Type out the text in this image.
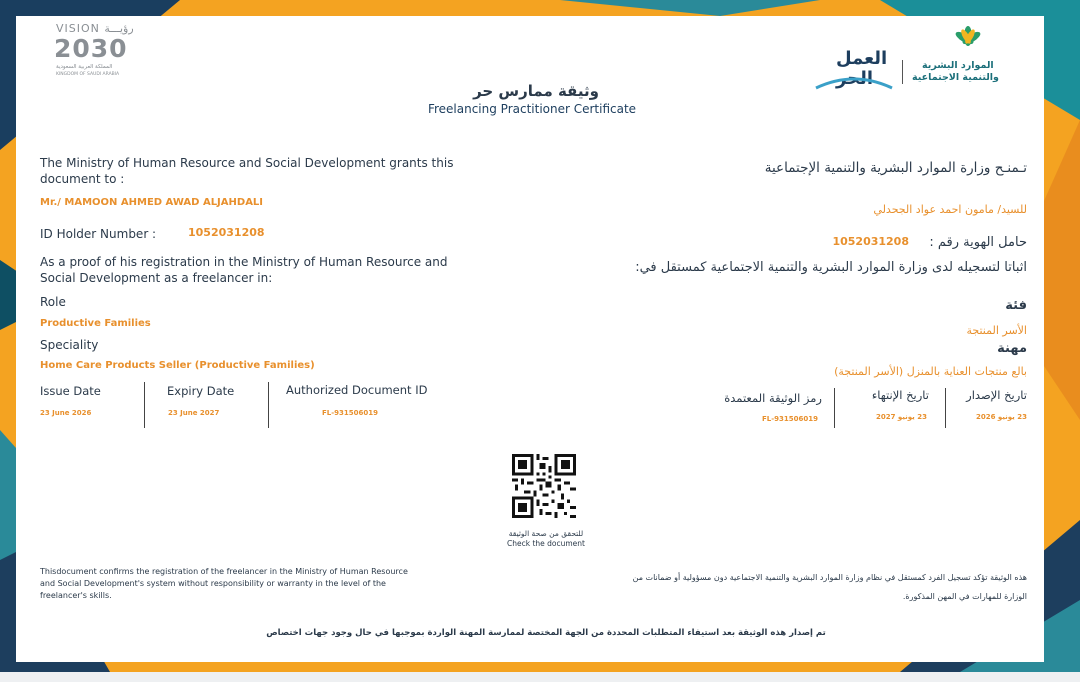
VISION رؤيـــة
2030
المملكة العربية السعودية
KINGDOM OF SAUDI ARABIA
الموارد البشرية
والتنمية الاجتماعية
العمل
الحر
وثيقة ممارس حر
Freelancing Practitioner Certificate
The Ministry of Human Resource and Social Development grants this
document to :
Mr./ MAMOON AHMED AWAD ALJAHDALI
ID Holder Number :	1052031208
As a proof of his registration in the Ministry of Human Resource and
Social Development as a freelancer in:
Role
Productive Families
Speciality
Home Care Products Seller (Productive Families)
Issue Date
23 June 2026
Expiry Date
23 June 2027
Authorized Document ID
FL-931506019
تـمنـح وزارة الموارد البشرية والتنمية الإجتماعية
للسيد/ مامون احمد عواد الجحدلي
حامل الهوية رقم :
1052031208
اثباتا لتسجيله لدى وزارة الموارد البشرية والتنمية الاجتماعية كمستقل في:
فئة
الأسر المنتجة
مهنة
بالع منتجات العناية بالمنزل (الأسر المنتجة)
تاريخ الإصدار
23 يونيو 2026
تاريخ الإنتهاء
23 يونيو 2027
رمز الوثيقة المعتمدة
FL-931506019
للتحقق من صحة الوثيقة
Check the document
Thisdocument confirms the registration of the freelancer in the Ministry of Human Resource
and Social Development's system without responsibility or warranty in the level of the
freelancer's skills.
هذه الوثيقة تؤكد تسجيل الفرد كمستقل في نظام وزارة الموارد البشرية والتنمية الاجتماعية دون مسؤولية أو ضمانات من
الوزارة للمهارات في المهن المذكورة.
تم إصدار هذه الوثيقة بعد استيفاء المتطلبات المحددة من الجهة المختصة لممارسة المهنة الواردة بموجبها في حال وجود جهات اختصاص
